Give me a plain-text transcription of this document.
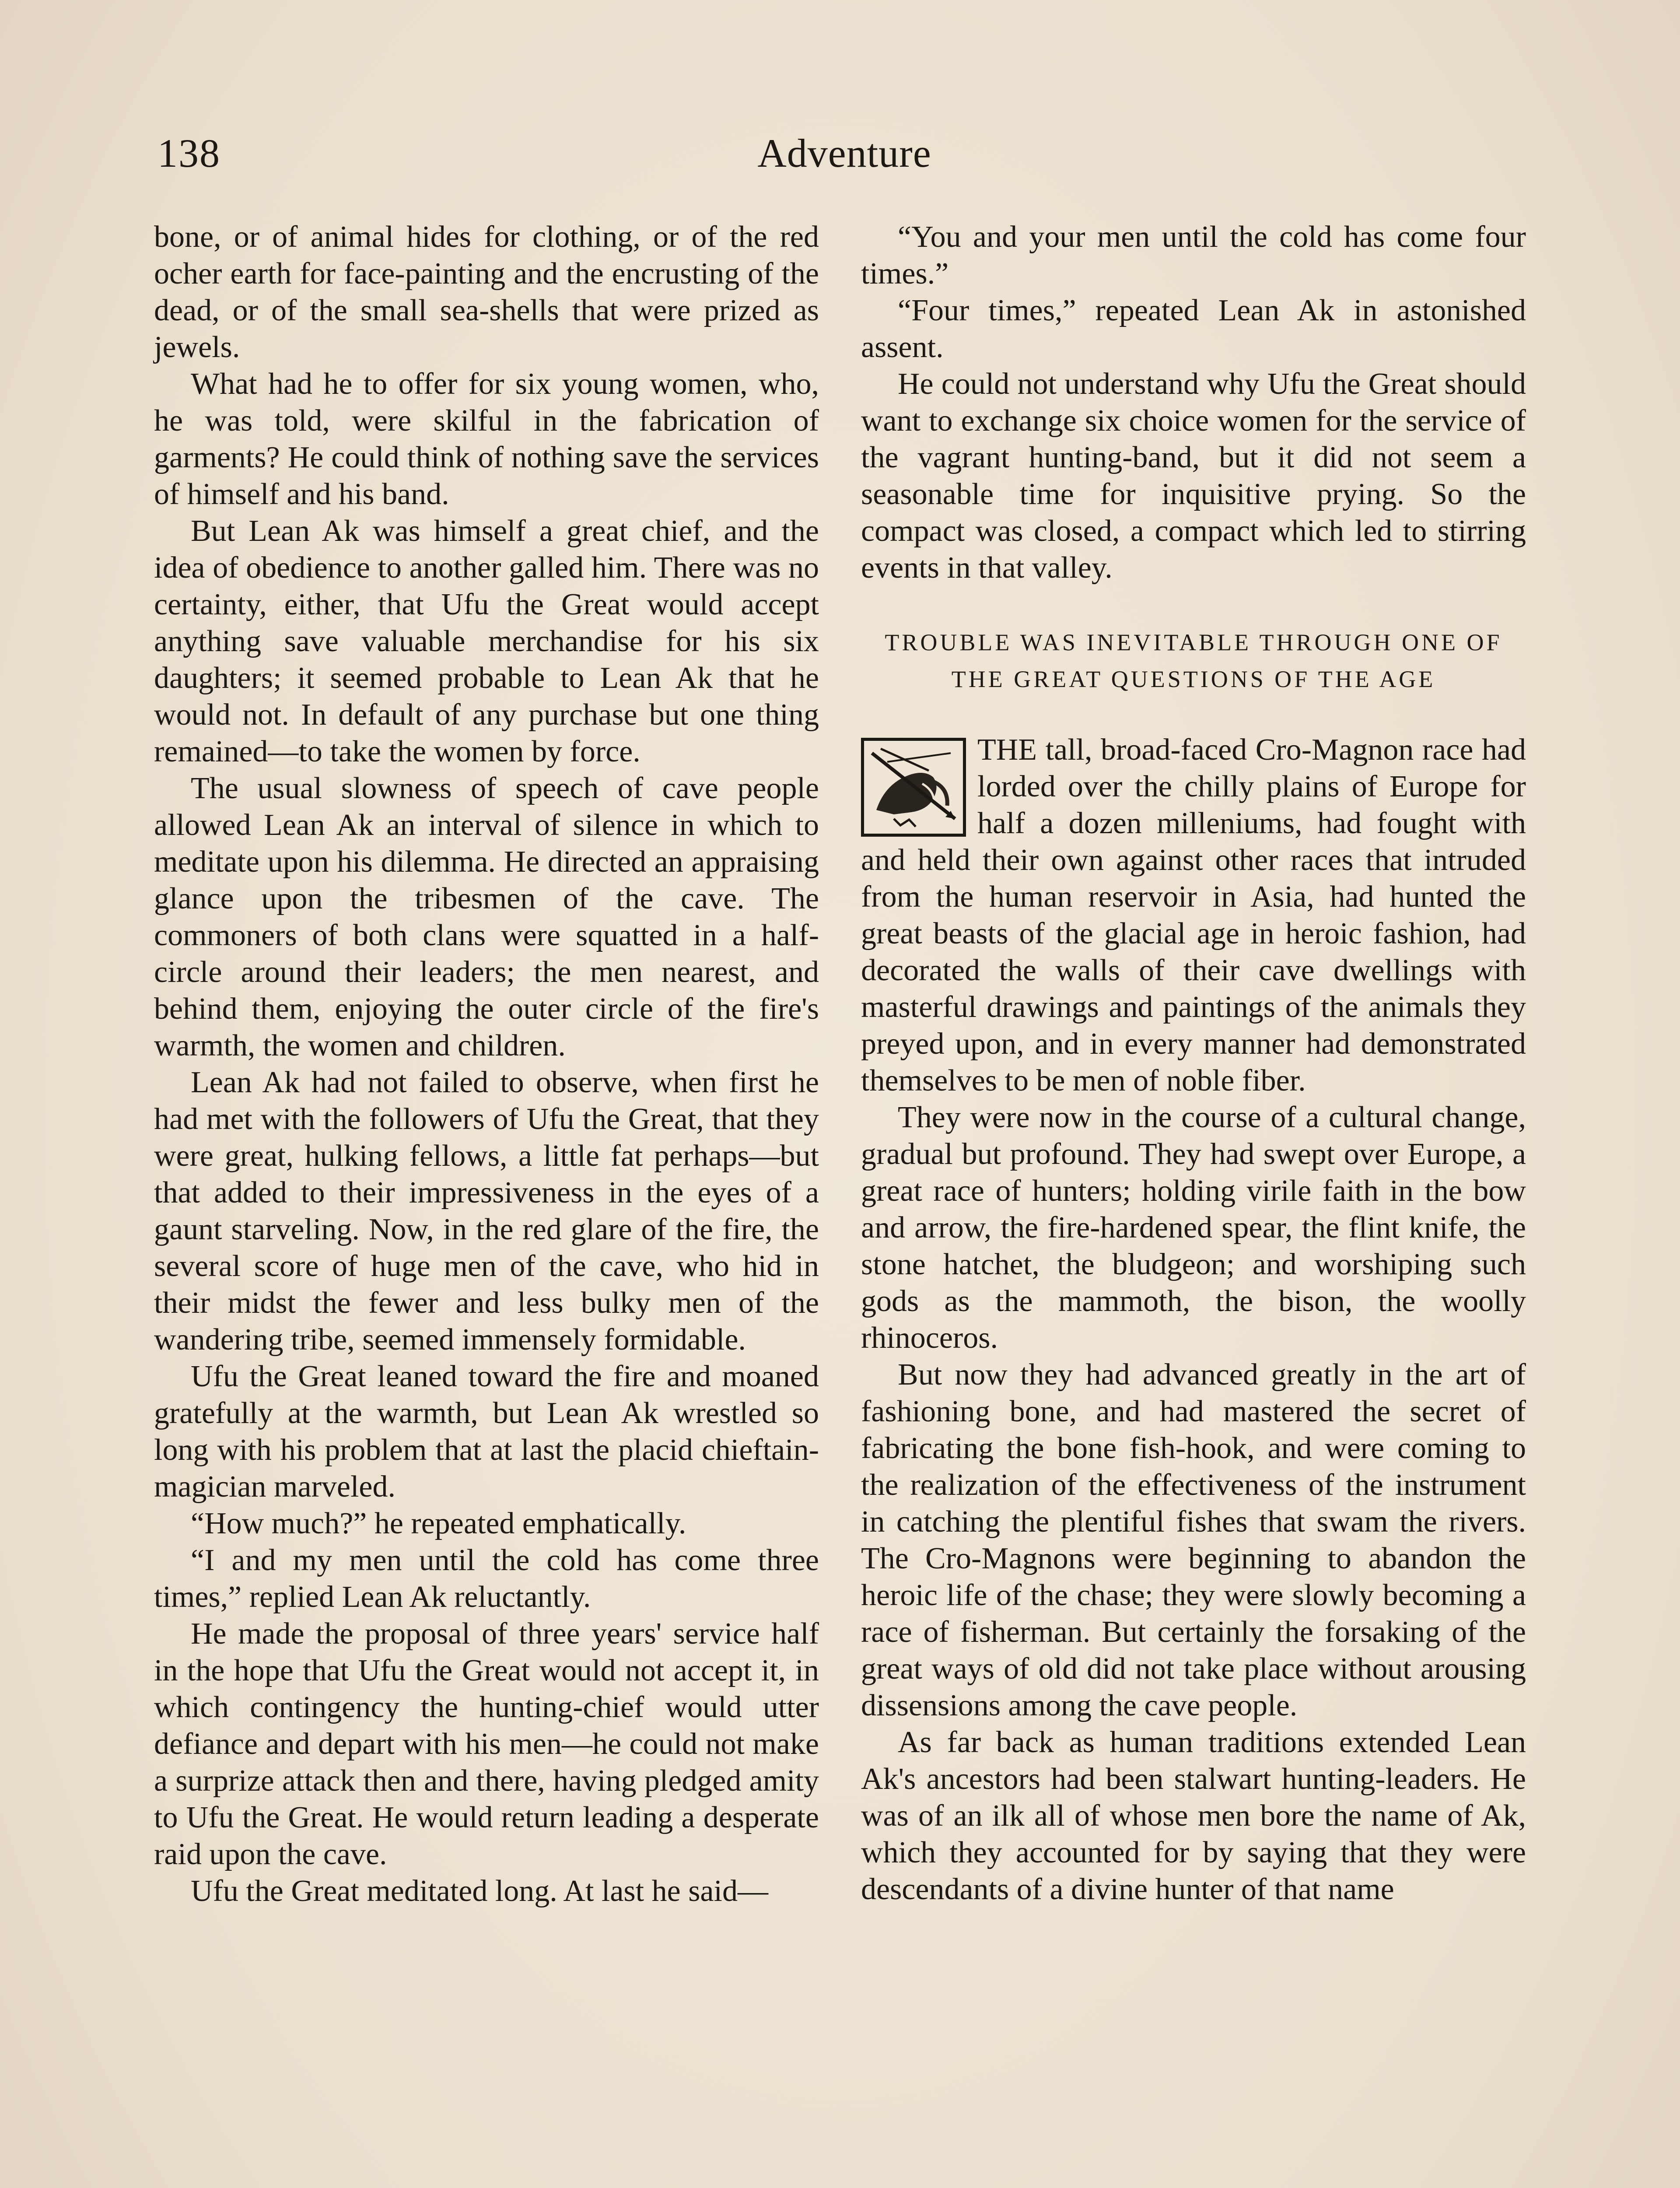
138	Adventure

bone, or of animal hides for clothing, or of the red ocher earth for face-painting and the encrusting of the dead, or of the small sea-shells that were prized as jewels.

What had he to offer for six young women, who, he was told, were skilful in the fabrication of garments? He could think of nothing save the services of himself and his band.

But Lean Ak was himself a great chief, and the idea of obedience to another galled him. There was no certainty, either, that Ufu the Great would accept anything save valuable merchandise for his six daughters; it seemed probable to Lean Ak that he would not. In default of any purchase but one thing remained—to take the women by force.

The usual slowness of speech of cave people allowed Lean Ak an interval of silence in which to meditate upon his dilemma. He directed an appraising glance upon the tribesmen of the cave. The commoners of both clans were squatted in a half-circle around their leaders; the men nearest, and behind them, enjoying the outer circle of the fire's warmth, the women and children.

Lean Ak had not failed to observe, when first he had met with the followers of Ufu the Great, that they were great, hulking fellows, a little fat perhaps—but that added to their impressiveness in the eyes of a gaunt starveling. Now, in the red glare of the fire, the several score of huge men of the cave, who hid in their midst the fewer and less bulky men of the wandering tribe, seemed immensely formidable.

Ufu the Great leaned toward the fire and moaned gratefully at the warmth, but Lean Ak wrestled so long with his problem that at last the placid chieftain-magician marveled.

“How much?” he repeated emphatically.

“I and my men until the cold has come three times,” replied Lean Ak reluctantly.

He made the proposal of three years' service half in the hope that Ufu the Great would not accept it, in which contingency the hunting-chief would utter defiance and depart with his men—he could not make a surprize attack then and there, having pledged amity to Ufu the Great. He would return leading a desperate raid upon the cave.

Ufu the Great meditated long. At last he said—

“You and your men until the cold has come four times.”

“Four times,” repeated Lean Ak in astonished assent.

He could not understand why Ufu the Great should want to exchange six choice women for the service of the vagrant hunting-band, but it did not seem a seasonable time for inquisitive prying. So the compact was closed, a compact which led to stirring events in that valley.

TROUBLE WAS INEVITABLE THROUGH ONE OF THE GREAT QUESTIONS OF THE AGE

THE tall, broad-faced Cro-Magnon race had lorded over the chilly plains of Europe for half a dozen milleniums, had fought with and held their own against other races that intruded from the human reservoir in Asia, had hunted the great beasts of the glacial age in heroic fashion, had decorated the walls of their cave dwellings with masterful drawings and paintings of the animals they preyed upon, and in every manner had demonstrated themselves to be men of noble fiber.

They were now in the course of a cultural change, gradual but profound. They had swept over Europe, a great race of hunters; holding virile faith in the bow and arrow, the fire-hardened spear, the flint knife, the stone hatchet, the bludgeon; and worshiping such gods as the mammoth, the bison, the woolly rhinoceros.

But now they had advanced greatly in the art of fashioning bone, and had mastered the secret of fabricating the bone fish-hook, and were coming to the realization of the effectiveness of the instrument in catching the plentiful fishes that swam the rivers. The Cro-Magnons were beginning to abandon the heroic life of the chase; they were slowly becoming a race of fisherman. But certainly the forsaking of the great ways of old did not take place without arousing dissensions among the cave people.

As far back as human traditions extended Lean Ak's ancestors had been stalwart hunting-leaders. He was of an ilk all of whose men bore the name of Ak, which they accounted for by saying that they were descendants of a divine hunter of that name
